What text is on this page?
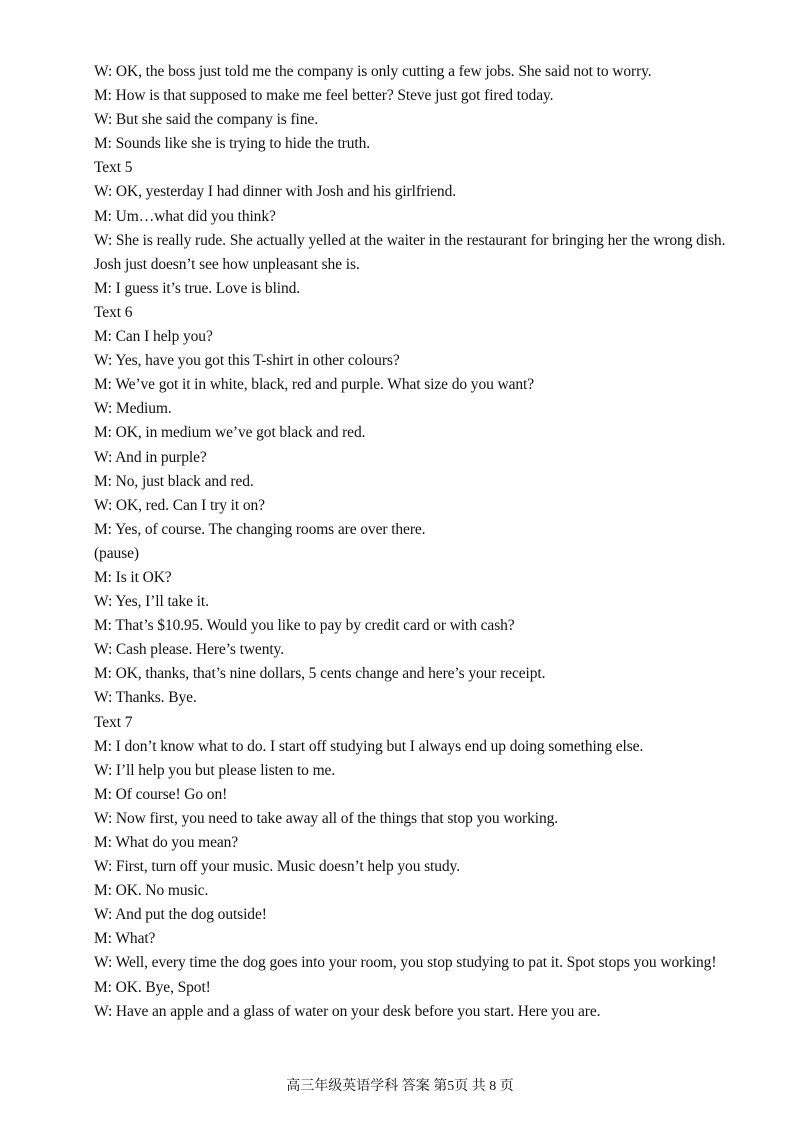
W: OK, the boss just told me the company is only cutting a few jobs. She said not to worry.
M: How is that supposed to make me feel better? Steve just got fired today.
W: But she said the company is fine.
M: Sounds like she is trying to hide the truth.
Text 5
W: OK, yesterday I had dinner with Josh and his girlfriend.
M: Um…what did you think?
W: She is really rude. She actually yelled at the waiter in the restaurant for bringing her the wrong dish. Josh just doesn’t see how unpleasant she is.
M: I guess it’s true. Love is blind.
Text 6
M: Can I help you?
W: Yes, have you got this T-shirt in other colours?
M: We’ve got it in white, black, red and purple. What size do you want?
W: Medium.
M: OK, in medium we’ve got black and red.
W: And in purple?
M: No, just black and red.
W: OK, red. Can I try it on?
M: Yes, of course. The changing rooms are over there.
(pause)
M: Is it OK?
W: Yes, I’ll take it.
M: That’s $10.95. Would you like to pay by credit card or with cash?
W: Cash please. Here’s twenty.
M: OK, thanks, that’s nine dollars, 5 cents change and here’s your receipt.
W: Thanks. Bye.
Text 7
M: I don’t know what to do. I start off studying but I always end up doing something else.
W: I’ll help you but please listen to me.
M: Of course! Go on!
W: Now first, you need to take away all of the things that stop you working.
M: What do you mean?
W: First, turn off your music. Music doesn’t help you study.
M: OK. No music.
W: And put the dog outside!
M: What?
W: Well, every time the dog goes into your room, you stop studying to pat it. Spot stops you working!
M: OK. Bye, Spot!
W: Have an apple and a glass of water on your desk before you start. Here you are.
高三年级英语学科 答案 第5页 共 8 页
